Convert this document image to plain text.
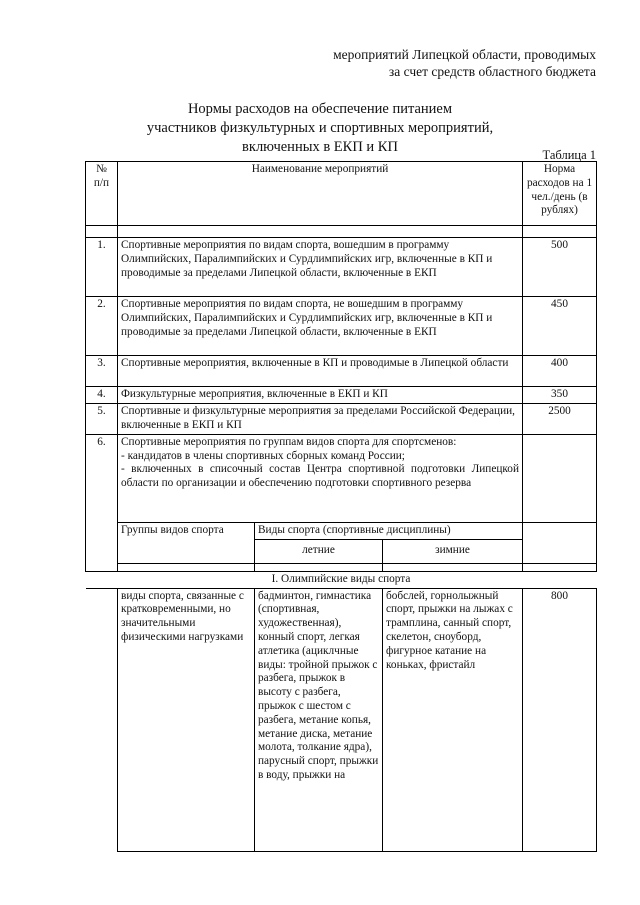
мероприятий Липецкой области, проводимых
за счет средств областного бюджета
Нормы расходов на обеспечение питанием
участников физкультурных и спортивных мероприятий,
включенных в ЕКП и КП	Таблица 1
№ п/п	Наименование мероприятий			Норма расходов на 1 чел./день (в рублях)

1.	Спортивные мероприятия по видам спорта, вошедшим в программу Олимпийских, Паралимпийских и Сурдлимпийских игр, включенные в КП и проводимые за пределами Липецкой области, включенные в ЕКП			500
2.	Спортивные мероприятия по видам спорта, не вошедшим в программу Олимпийских, Паралимпийских и Сурдлимпийских игр, включенные в КП и проводимые за пределами Липецкой области, включенные в ЕКП			450
3.	Спортивные мероприятия, включенные в КП и проводимые в Липецкой области			400
4.	Физкультурные мероприятия, включенные в ЕКП и КП			350
5.	Спортивные и физкультурные мероприятия за пределами Российской Федерации, включенные в ЕКП и КП			2500
6.	Спортивные мероприятия по группам видов спорта для спортсменов:
- кандидатов в члены спортивных сборных команд России;
- включенных в списочный состав Центра спортивной подготовки Липецкой области по организации и обеспечению подготовки спортивного резерва			
	Группы видов спорта	Виды спорта (спортивные дисциплины)		
		летние	зимние	

I. Олимпийские виды спорта				
	виды спорта, связанные с кратковременными, но значительными физическими нагрузками	бадминтон, гимнастика (спортивная, художественная), конный спорт, легкая атлетика (ациклчные виды: тройной прыжок с разбега, прыжок в высоту с разбега, прыжок с шестом с разбега, метание копья, метание диска, метание молота, толкание ядра), парусный спорт, прыжки в воду, прыжки на	бобслей, горнолыжный спорт, прыжки на лыжах с трамплина, санный спорт, скелетон, сноуборд, фигурное катание на коньках, фристайл	800
